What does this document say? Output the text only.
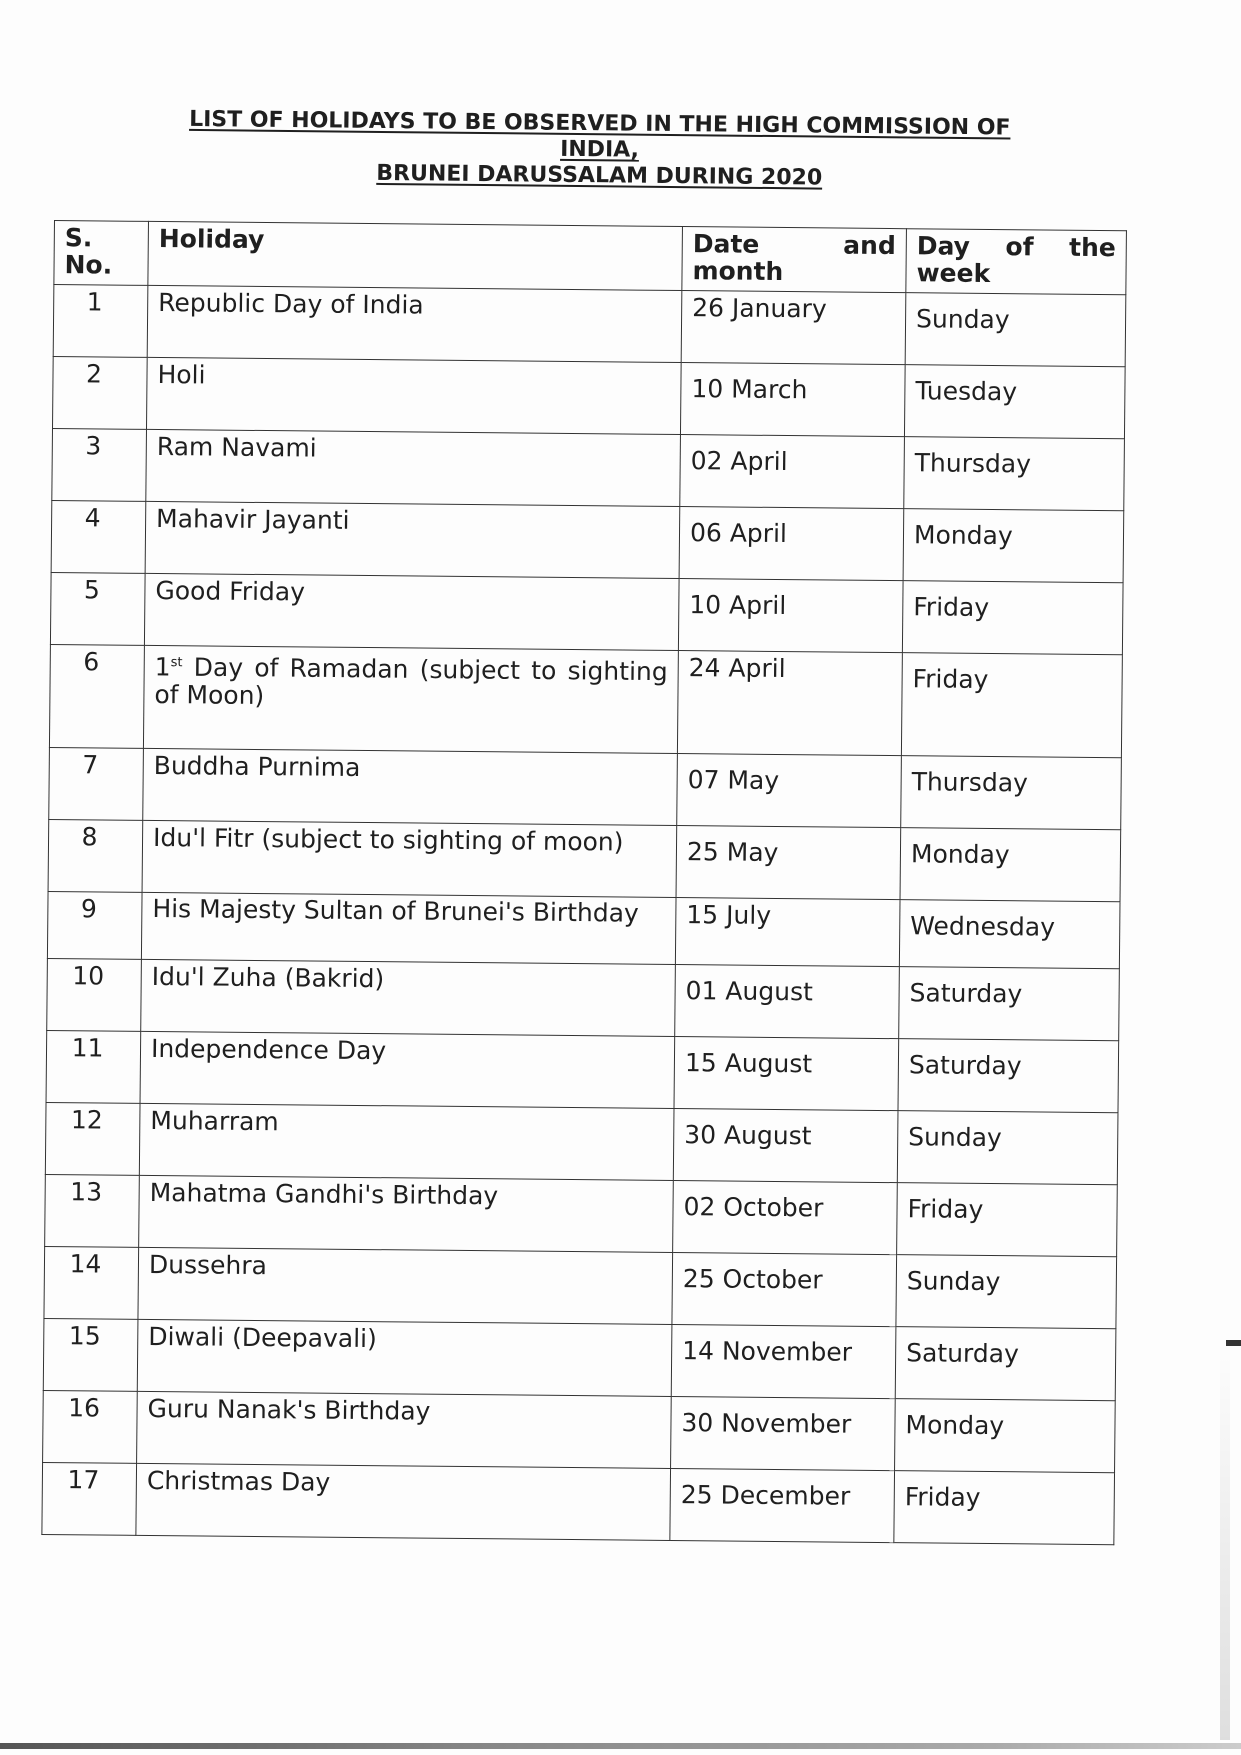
LIST OF HOLIDAYS TO BE OBSERVED IN THE HIGH COMMISSION OF
INDIA,
BRUNEI DARUSSALAM DURING 2020
S. No.	Holiday	Date and month	Day of the week
1	Republic Day of India	26 January	Sunday
2	Holi	10 March	Tuesday
3	Ram Navami	02 April	Thursday
4	Mahavir Jayanti	06 April	Monday
5	Good Friday	10 April	Friday
6	1st Day of Ramadan (subject to sighting of Moon)	24 April	Friday
7	Buddha Purnima	07 May	Thursday
8	Idu'l Fitr (subject to sighting of moon)	25 May	Monday
9	His Majesty Sultan of Brunei's Birthday	15 July	Wednesday
10	Idu'l Zuha (Bakrid)	01 August	Saturday
11	Independence Day	15 August	Saturday
12	Muharram	30 August	Sunday
13	Mahatma Gandhi's Birthday	02 October	Friday
14	Dussehra	25 October	Sunday
15	Diwali (Deepavali)	14 November	Saturday
16	Guru Nanak's Birthday	30 November	Monday
17	Christmas Day	25 December	Friday
